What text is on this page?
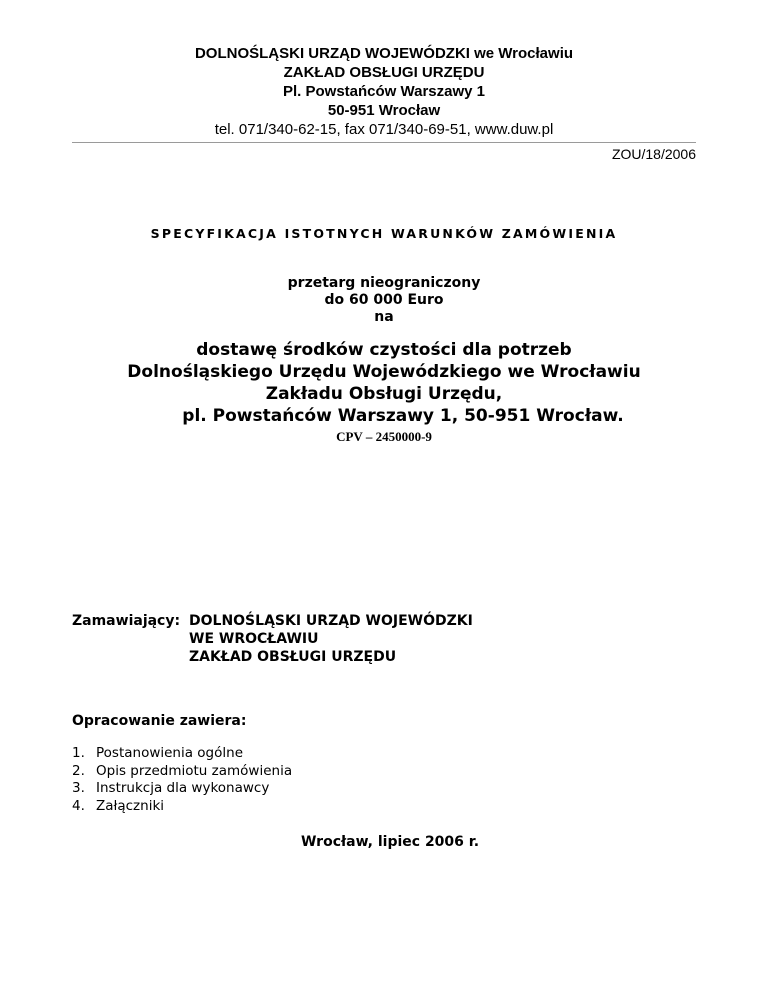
DOLNOŚLĄSKI URZĄD WOJEWÓDZKI we Wrocławiu
ZAKŁAD OBSŁUGI URZĘDU
Pl. Powstańców Warszawy 1
50-951 Wrocław
tel. 071/340-62-15, fax 071/340-69-51, www.duw.pl
ZOU/18/2006
SPECYFIKACJA ISTOTNYCH WARUNKÓW ZAMÓWIENIA
przetarg nieograniczony
do 60 000 Euro
na
dostawę środków czystości dla potrzeb
Dolnośląskiego Urzędu Wojewódzkiego we Wrocławiu
Zakładu Obsługi Urzędu,
pl. Powstańców Warszawy 1, 50-951 Wrocław.
CPV – 2450000-9
Zamawiający: DOLNOŚLĄSKI URZĄD WOJEWÓDZKI
WE WROCŁAWIU
ZAKŁAD OBSŁUGI URZĘDU
Opracowanie zawiera:
1. Postanowienia ogólne
2. Opis przedmiotu zamówienia
3. Instrukcja dla wykonawcy
4. Załączniki
Wrocław, lipiec 2006 r.
